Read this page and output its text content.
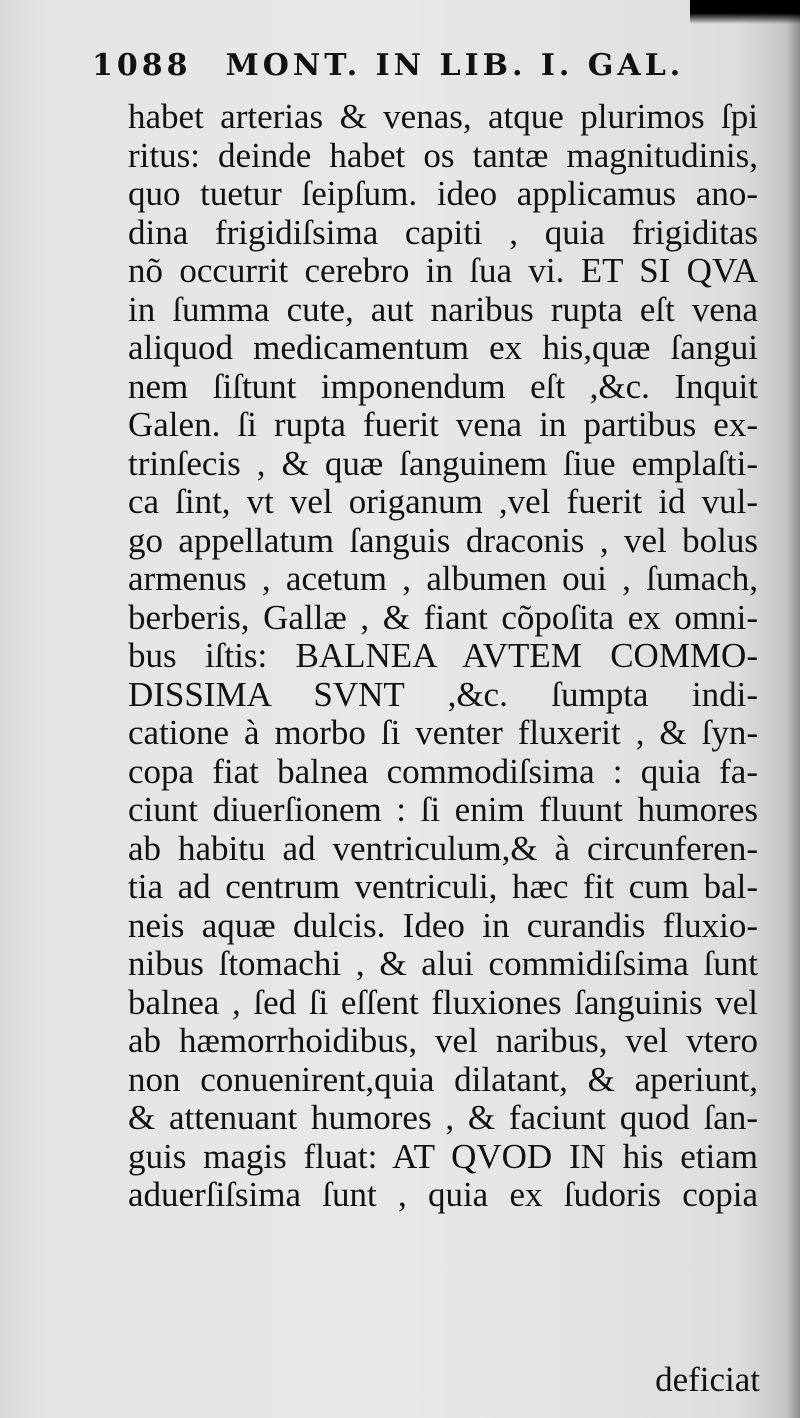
1088 MONT. IN LIB. I. GAL.
habet arterias & venas, atque plurimos ſpi
ritus: deinde habet os tantæ magnitudinis,
quo tuetur ſeipſum. ideo applicamus ano-
dina frigidiſsima capiti , quia frigiditas
nõ occurrit cerebro in ſua vi. ET SI QVA
in ſumma cute, aut naribus rupta eſt vena
aliquod medicamentum ex his,quæ ſangui
nem ſiſtunt imponendum eſt ,&c. Inquit
Galen. ſi rupta fuerit vena in partibus ex-
trinſecis , & quæ ſanguinem ſiue emplaſti-
ca ſint, vt vel origanum ,vel fuerit id vul-
go appellatum ſanguis draconis , vel bolus
armenus , acetum , albumen oui , ſumach,
berberis, Gallæ , & fiant cõpoſita ex omni-
bus iſtis: BALNEA AVTEM COMMO-
DISSIMA SVNT ,&c. ſumpta indi-
catione à morbo ſi venter fluxerit , & ſyn-
copa fiat balnea commodiſsima : quia fa-
ciunt diuerſionem : ſi enim fluunt humores
ab habitu ad ventriculum,& à circunferen-
tia ad centrum ventriculi, hæc fit cum bal-
neis aquæ dulcis. Ideo in curandis fluxio-
nibus ſtomachi , & alui commidiſsima ſunt
balnea , ſed ſi eſſent fluxiones ſanguinis vel
ab hæmorrhoidibus, vel naribus, vel vtero
non conuenirent,quia dilatant, & aperiunt,
& attenuant humores , & faciunt quod ſan-
guis magis fluat: AT QVOD IN his etiam
aduerſiſsima ſunt , quia ex ſudoris copia
deficiat
